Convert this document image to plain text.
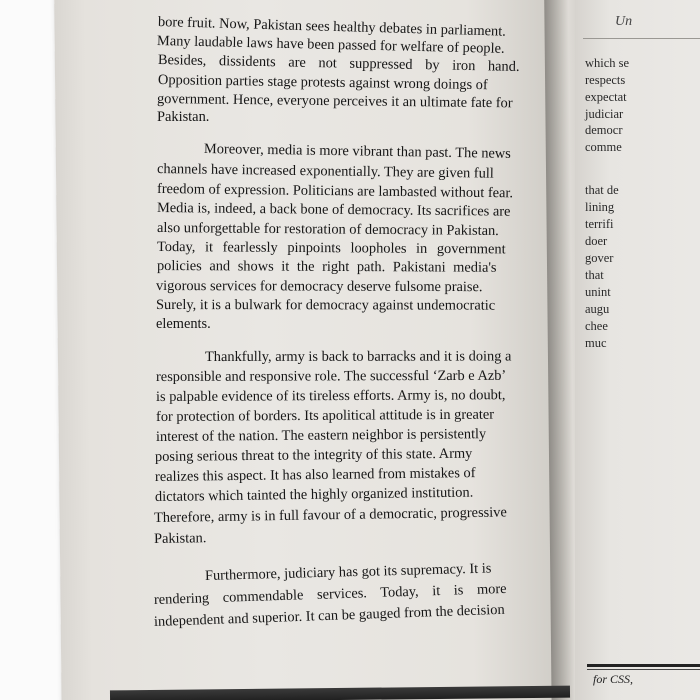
Un
which se
respects
expectat
judiciar
democr
comme
that de
lining
terrifi
doer
gover
that
unint
augu
chee
muc
for CSS,
bore fruit. Now, Pakistan sees healthy debates in parliament.
Many laudable laws have been passed for welfare of people.
Besides, dissidents are not suppressed by iron hand.
Opposition parties stage protests against wrong doings of
government. Hence, everyone perceives it an ultimate fate for
Pakistan.
Moreover, media is more vibrant than past. The news
channels have increased exponentially. They are given full
freedom of expression. Politicians are lambasted without fear.
Media is, indeed, a back bone of democracy. Its sacrifices are
also unforgettable for restoration of democracy in Pakistan.
Today, it fearlessly pinpoints loopholes in government
policies and shows it the right path. Pakistani media's
vigorous services for democracy deserve fulsome praise.
Surely, it is a bulwark for democracy against undemocratic
elements.
Thankfully, army is back to barracks and it is doing a
responsible and responsive role. The successful ‘Zarb e Azb’
is palpable evidence of its tireless efforts. Army is, no doubt,
for protection of borders. Its apolitical attitude is in greater
interest of the nation. The eastern neighbor is persistently
posing serious threat to the integrity of this state. Army
realizes this aspect. It has also learned from mistakes of
dictators which tainted the highly organized institution.
Therefore, army is in full favour of a democratic, progressive
Pakistan.
Furthermore, judiciary has got its supremacy. It is
rendering commendable services. Today, it is more
independent and superior. It can be gauged from the decision
